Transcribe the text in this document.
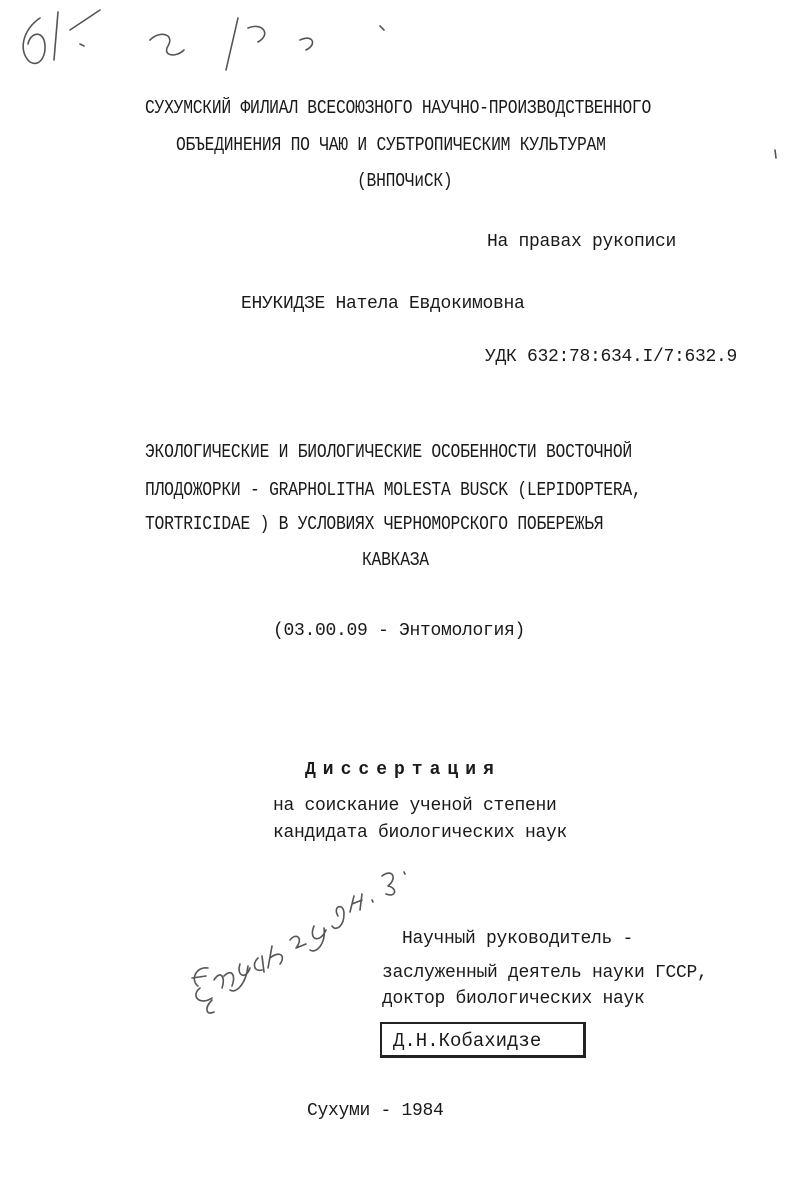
СУХУМСКИЙ ФИЛИАЛ ВСЕСОЮЗНОГО НАУЧНО-ПРОИЗВОДСТВЕННОГО
ОБЪЕДИНЕНИЯ ПО ЧАЮ И СУБТРОПИЧЕСКИМ КУЛЬТУРАМ
(ВНПОЧиСК)
На правах рукописи
ЕНУКИДЗЕ Натела Евдокимовна
УДК 632:78:634.I/7:632.9
ЭКОЛОГИЧЕСКИЕ И БИОЛОГИЧЕСКИЕ ОСОБЕННОСТИ ВОСТОЧНОЙ
ПЛОДОЖОРКИ - GRAPHOLITHA MOLESTA BUSCK (LEPIDOPTERA,
TORTRICIDAE ) В УСЛОВИЯХ ЧЕРНОМОРСКОГО ПОБЕРЕЖЬЯ
КАВКАЗА
(03.00.09 - Энтомология)
Диссертация
на соискание ученой степени
кандидата биологических наук
Научный руководитель -
заслуженный деятель науки ГССР,
доктор биологических наук
Д.Н.Кобахидзе
Сухуми - 1984
